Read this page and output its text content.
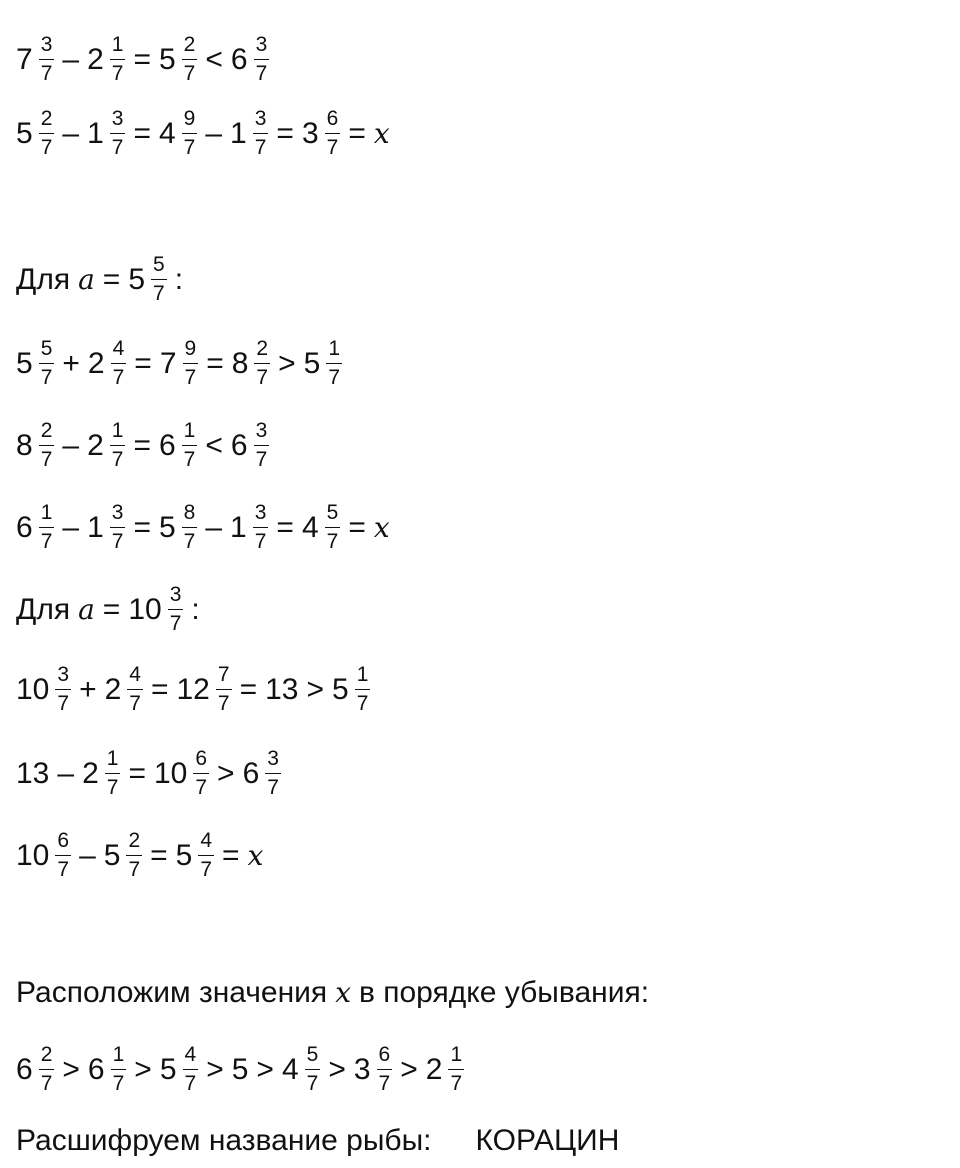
$7 \frac{3}{7} - 2 \frac{1}{7} = 5 \frac{2}{7} < 6 \frac{3}{7}$
$5 \frac{2}{7} - 1 \frac{3}{7} = 4 \frac{9}{7} - 1 \frac{3}{7} = 3 \frac{6}{7} = x$
Для $a = 5 \frac{5}{7}$ :
$5 \frac{5}{7} + 2 \frac{4}{7} = 7 \frac{9}{7} = 8 \frac{2}{7} > 5 \frac{1}{7}$
$8 \frac{2}{7} - 2 \frac{1}{7} = 6 \frac{1}{7} < 6 \frac{3}{7}$
$6 \frac{1}{7} - 1 \frac{3}{7} = 5 \frac{8}{7} - 1 \frac{3}{7} = 4 \frac{5}{7} = x$
Для $a = 10 \frac{3}{7}$ :
$10 \frac{3}{7} + 2 \frac{4}{7} = 12 \frac{7}{7} = 13 > 5 \frac{1}{7}$
$13 - 2 \frac{1}{7} = 10 \frac{6}{7} > 6 \frac{3}{7}$
$10 \frac{6}{7} - 5 \frac{2}{7} = 5 \frac{4}{7} = x$
Расположим значения x в порядке убывания:
$6 \frac{2}{7} > 6 \frac{1}{7} > 5 \frac{4}{7} > 5 > 4 \frac{5}{7} > 3 \frac{6}{7} > 2 \frac{1}{7}$
Расшифруем название рыбы: КОРАЦИН
